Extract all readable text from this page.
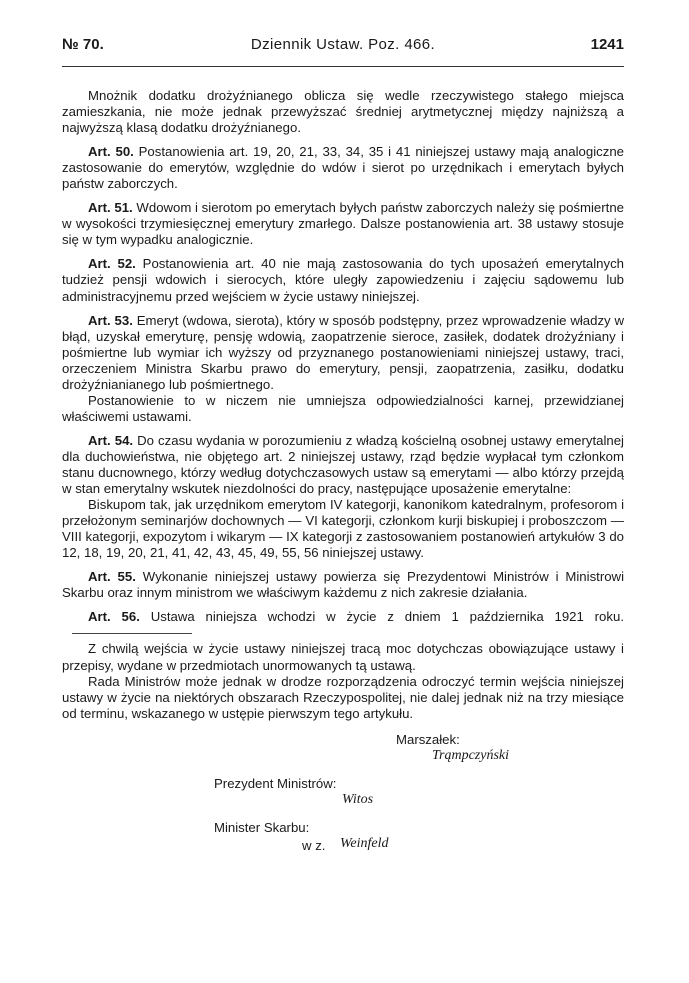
№ 70.	Dziennik Ustaw. Poz. 466.	1241

Mnożnik dodatku drożyźnianego oblicza się wedle rzeczywistego stałego miejsca zamieszkania, nie może jednak przewyższać średniej arytmetycznej między najniższą a najwyższą klasą dodatku drożyźnianego.

Art. 50. Postanowienia art. 19, 20, 21, 33, 34, 35 i 41 niniejszej ustawy mają analogiczne zastosowanie do emerytów, względnie do wdów i sierot po urzędnikach i emerytach byłych państw zaborczych.

Art. 51. Wdowom i sierotom po emerytach byłych państw zaborczych należy się pośmiertne w wysokości trzymiesięcznej emerytury zmarłego. Dalsze postanowienia art. 38 ustawy stosuje się w tym wypadku analogicznie.

Art. 52. Postanowienia art. 40 nie mają zastosowania do tych uposażeń emerytalnych tudzież pensji wdowich i sierocych, które uległy zapowiedzeniu i zajęciu sądowemu lub administracyjnemu przed wejściem w życie ustawy niniejszej.

Art. 53. Emeryt (wdowa, sierota), który w sposób podstępny, przez wprowadzenie władzy w błąd, uzyskał emeryturę, pensję wdowią, zaopatrzenie sieroce, zasiłek, dodatek drożyźniany i pośmiertne lub wymiar ich wyższy od przyznanego postanowieniami niniejszej ustawy, traci, orzeczeniem Ministra Skarbu prawo do emerytury, pensji, zaopatrzenia, zasiłku, dodatku drożyźnianianego lub pośmiertnego.

Postanowienie to w niczem nie umniejsza odpowiedzialności karnej, przewidzianej właściwemi ustawami.

Art. 54. Do czasu wydania w porozumieniu z władzą kościelną osobnej ustawy emerytalnej dla duchowieństwa, nie objętego art. 2 niniejszej ustawy, rząd będzie wypłacał tym członkom stanu ducnownego, którzy według dotychczasowych ustaw są emerytami — albo którzy przejdą w stan emerytalny wskutek niezdolności do pracy, następujące uposażenie emerytalne:

Biskupom tak, jak urzędnikom emerytom IV kategorji, kanonikom katedralnym, profesorom i przełożonym seminarjów dochownych — VI kategorji, członkom kurji biskupiej i proboszczom — VIII kategorji, expozytom i wikarym — IX kategorji z zastosowaniem postanowień artykułów 3 do 12, 18, 19, 20, 21, 41, 42, 43, 45, 49, 55, 56 niniejszej ustawy.

Art. 55. Wykonanie niniejszej ustawy powierza się Prezydentowi Ministrów i Ministrowi Skarbu oraz innym ministrom we właściwym każdemu z nich zakresie działania.

Art. 56. Ustawa niniejsza wchodzi w życie z dniem 1 października 1921 roku.

Z chwilą wejścia w życie ustawy niniejszej tracą moc dotychczas obowiązujące ustawy i przepisy, wydane w przedmiotach unormowanych tą ustawą.

Rada Ministrów może jednak w drodze rozporządzenia odroczyć termin wejścia niniejszej ustawy w życie na niektórych obszarach Rzeczypospolitej, nie dalej jednak niż na trzy miesiące od terminu, wskazanego w ustępie pierwszym tego artykułu.

Marszałek:
Trąmpczyński
Prezydent Ministrów:
Witos
Minister Skarbu:
w z. Weinfeld
